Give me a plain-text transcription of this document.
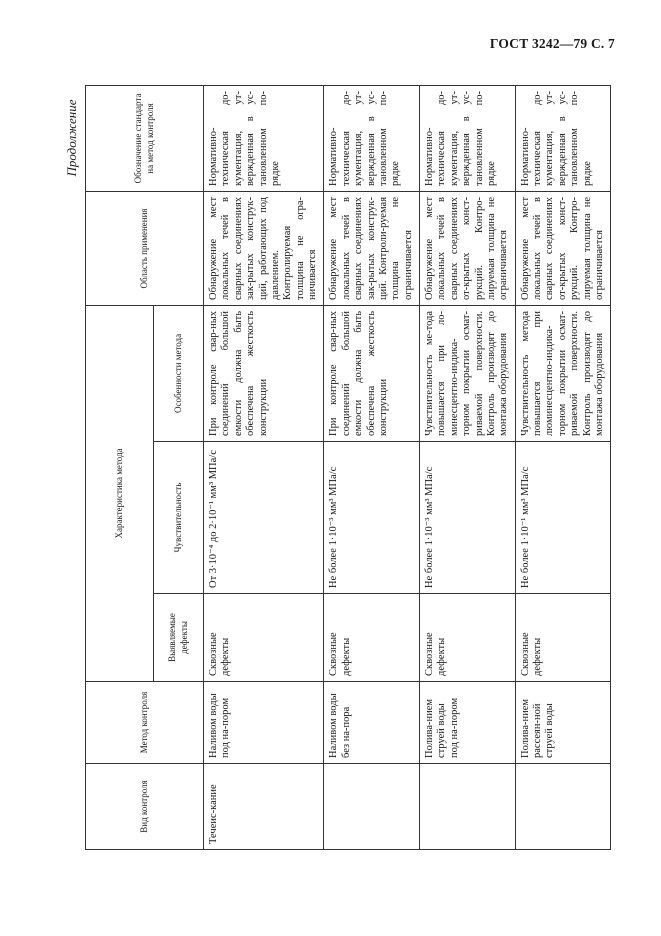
ГОСТ 3242—79 С. 7
Продолжение
Вид контроля	Метод контроля	Характеристика метода			Область применения	Обозначение стандарта на метод контроля
		Выявляемые дефекты	Чувствительность	Особенности метода		
Течеис-кание	Наливом воды под на-пором	Сквозные дефекты	От 3·10⁻⁴ до 2·10⁻¹ мм³ МПа/с	При контроле свар-ных соединений большой емкости должна быть обеспечена жесткость конструкции	Обнаружение мест локальных течей в сварных соединениях зак-рытых конструк-ций, работающих под давлением. Контролируемая толщина не огра-ничивается	Нормативно-техническая до-кументация, ут-вержденная в ус-тановленном по-рядке
	Наливом воды без на-пора	Сквозные дефекты	Не более 1·10⁻³ мм³ МПа/с	При контроле свар-ных соединений большой емкости должна быть обеспечена жесткость конструкции	Обнаружение мест локальных течей в сварных соединениях зак-рытых конструк-ций. Контроли-руемая толщина не ограничивается	Нормативно-техническая до-кументация, ут-вержденная в ус-тановленном по-рядке
	Полива-нием струей воды под на-пором	Сквозные дефекты	Не более 1·10⁻³ мм³ МПа/с	Чувствительность ме-тода повышается при ло-минесцентно-индика-торном покрытии осмат-риваемой поверхности. Контроль производят до монтажа оборудования	Обнаружение мест локальных течей в сварных соединениях от-крытых конст-рукций. Контро-лируемая толщина не ограничивается	Нормативно-техническая до-кументация, ут-вержденная в ус-тановленном по-рядке
	Полива-нием рассеян-ной струей воды	Сквозные дефекты	Не более 1·10⁻¹ мм³ МПа/с	Чувствительность метода повышается при люминесцентно-индика-торном покрытии осмат-риваемой поверхности. Контроль производят до монтажа оборудования	Обнаружение мест локальных течей в сварных соединениях от-крытых конст-рукций. Контро-лируемая толщина не ограничивается	Нормативно-техническая до-кументация, ут-вержденная в ус-тановленном по-рядке
